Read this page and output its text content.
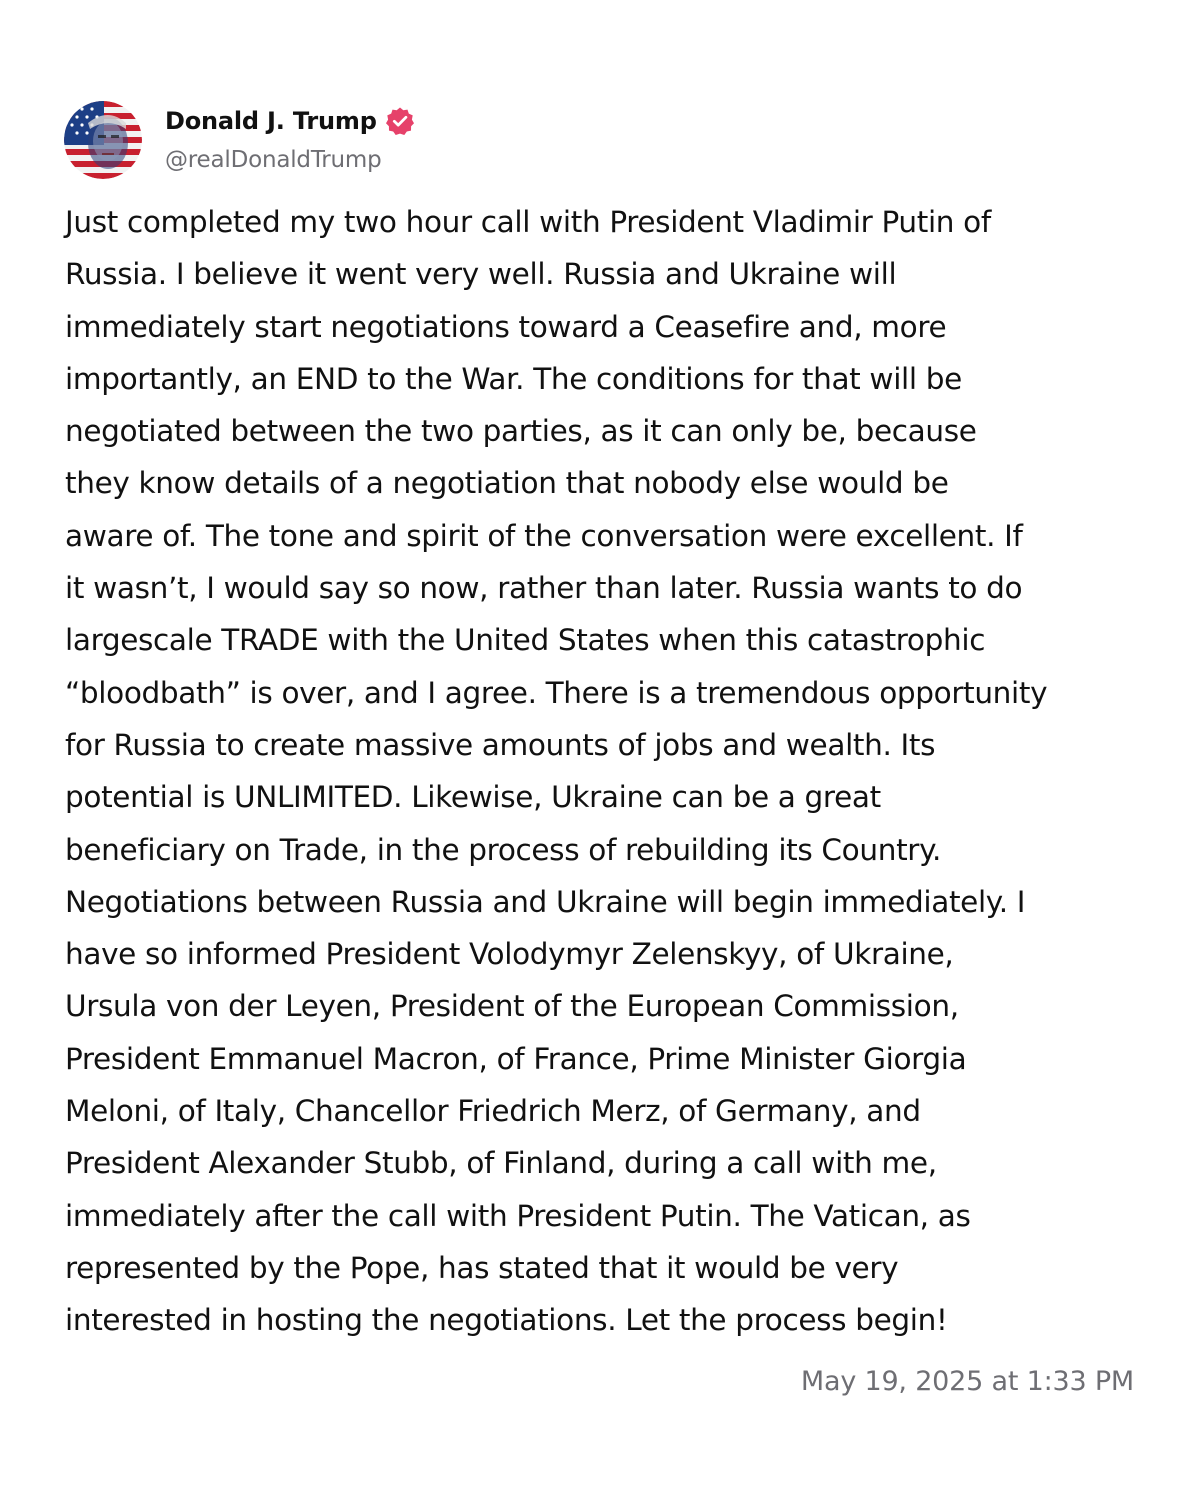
Donald J. Trump
@realDonaldTrump
Just completed my two hour call with President Vladimir Putin of
Russia. I believe it went very well. Russia and Ukraine will
immediately start negotiations toward a Ceasefire and, more
importantly, an END to the War. The conditions for that will be
negotiated between the two parties, as it can only be, because
they know details of a negotiation that nobody else would be
aware of. The tone and spirit of the conversation were excellent. If
it wasn’t, I would say so now, rather than later. Russia wants to do
largescale TRADE with the United States when this catastrophic
“bloodbath” is over, and I agree. There is a tremendous opportunity
for Russia to create massive amounts of jobs and wealth. Its
potential is UNLIMITED. Likewise, Ukraine can be a great
beneficiary on Trade, in the process of rebuilding its Country.
Negotiations between Russia and Ukraine will begin immediately. I
have so informed President Volodymyr Zelenskyy, of Ukraine,
Ursula von der Leyen, President of the European Commission,
President Emmanuel Macron, of France, Prime Minister Giorgia
Meloni, of Italy, Chancellor Friedrich Merz, of Germany, and
President Alexander Stubb, of Finland, during a call with me,
immediately after the call with President Putin. The Vatican, as
represented by the Pope, has stated that it would be very
interested in hosting the negotiations. Let the process begin!
May 19, 2025 at 1:33 PM
